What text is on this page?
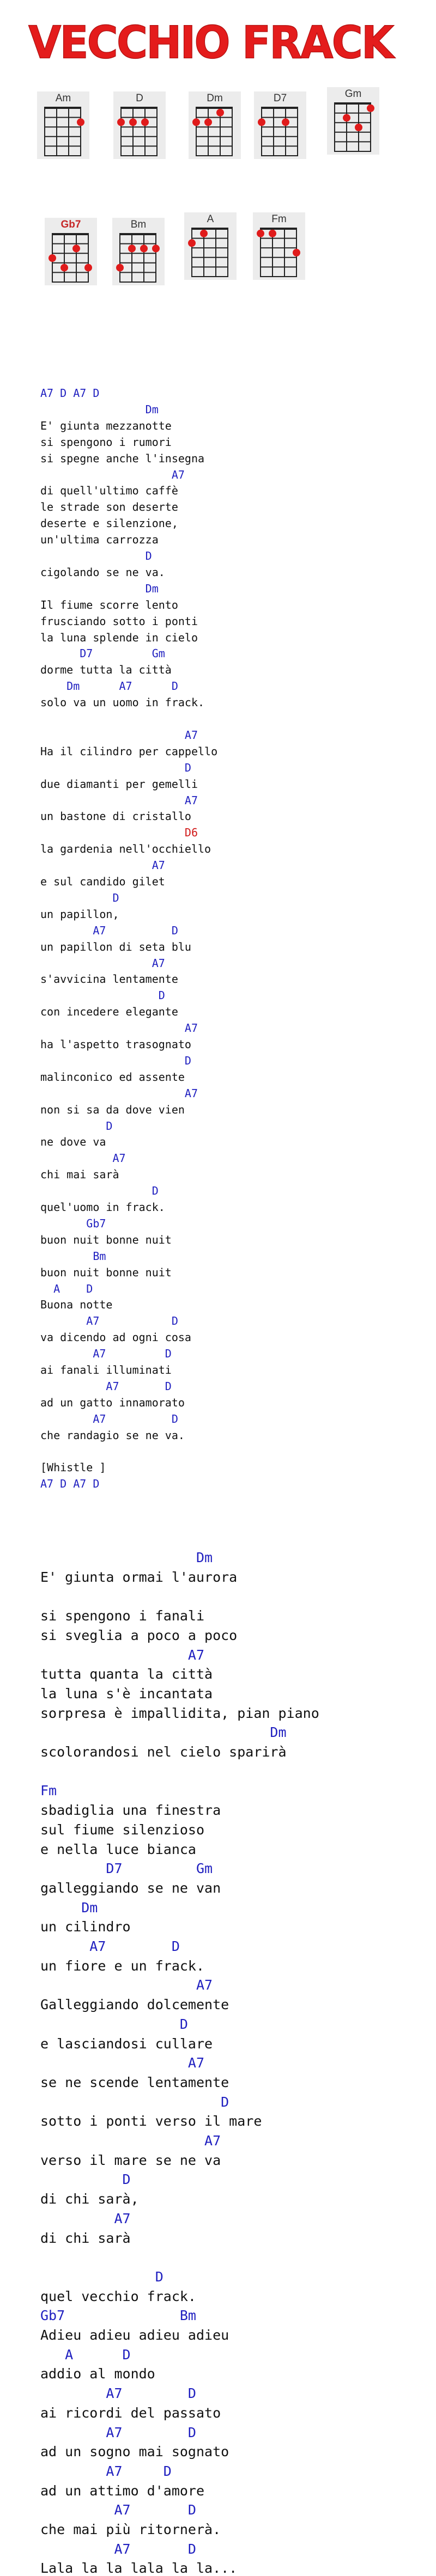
VECCHIO FRACK
Am	D	Dm	D7	Gm
Gb7	Bm	A	Fm
A7 D A7 D
Dm
E' giunta mezzanotte
si spengono i rumori
si spegne anche l'insegna
A7
di quell'ultimo caffè
le strade son deserte
deserte e silenzione,
un'ultima carrozza
D
cigolando se ne va.
Dm
Il fiume scorre lento
frusciando sotto i ponti
la luna splende in cielo
D7         Gm
dorme tutta la città
Dm      A7      D
solo va un uomo in frack.
A7
Ha il cilindro per cappello
D
due diamanti per gemelli
A7
un bastone di cristallo
D6
la gardenia nell'occhiello
A7
e sul candido gilet
D
un papillon,
A7          D
un papillon di seta blu
A7
s'avvicina lentamente
D
con incedere elegante
A7
ha l'aspetto trasognato
D
malinconico ed assente
A7
non si sa da dove vien
D
ne dove va
A7
chi mai sarà
D
quel'uomo in frack.
Gb7
buon nuit bonne nuit
Bm
buon nuit bonne nuit
A    D
Buona notte
A7           D
va dicendo ad ogni cosa
A7         D
ai fanali illuminati
A7       D
ad un gatto innamorato
A7          D
che randagio se ne va.
[Whistle ]
A7 D A7 D
Dm
E' giunta ormai l'aurora
si spengono i fanali
si sveglia a poco a poco
A7
tutta quanta la città
la luna s'è incantata
sorpresa è impallidita, pian piano
Dm
scolorandosi nel cielo sparirà
Fm
sbadiglia una finestra
sul fiume silenzioso
e nella luce bianca
D7         Gm
galleggiando se ne van
Dm
un cilindro
A7        D
un fiore e un frack.
A7
Galleggiando dolcemente
D
e lasciandosi cullare
A7
se ne scende lentamente
D
sotto i ponti verso il mare
A7
verso il mare se ne va
D
di chi sarà,
A7
di chi sarà
D
quel vecchio frack.
Gb7              Bm
Adieu adieu adieu adieu
A      D
addio al mondo
A7        D
ai ricordi del passato
A7        D
ad un sogno mai sognato
A7     D
ad un attimo d'amore
A7       D
che mai più ritornerà.
A7       D
Lala la la lala la la...
